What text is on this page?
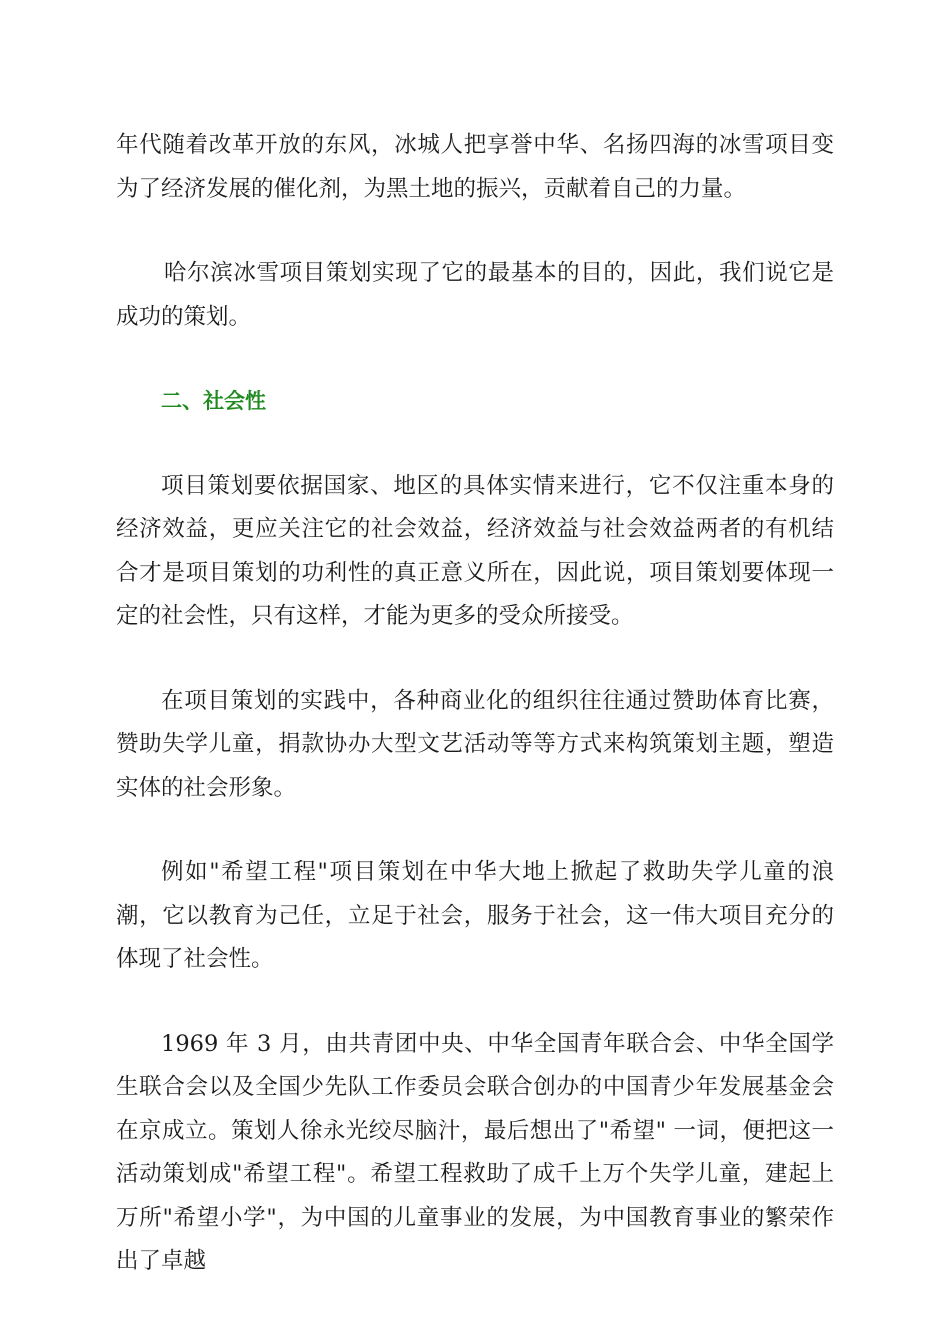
年代随着改革开放的东风，冰城人把享誉中华、名扬四海的冰雪项目变为了经济发展的催化剂，为黑土地的振兴，贡献着自己的力量。

哈尔滨冰雪项目策划实现了它的最基本的目的，因此，我们说它是成功的策划。

二、社会性

项目策划要依据国家、地区的具体实情来进行，它不仅注重本身的经济效益，更应关注它的社会效益，经济效益与社会效益两者的有机结合才是项目策划的功利性的真正意义所在，因此说，项目策划要体现一定的社会性，只有这样，才能为更多的受众所接受。

在项目策划的实践中，各种商业化的组织往往通过赞助体育比赛，赞助失学儿童，捐款协办大型文艺活动等等方式来构筑策划主题，塑造实体的社会形象。

例如"希望工程"项目策划在中华大地上掀起了救助失学儿童的浪潮，它以教育为己任，立足于社会，服务于社会，这一伟大项目充分的体现了社会性。

1969 年 3 月，由共青团中央、中华全国青年联合会、中华全国学生联合会以及全国少先队工作委员会联合创办的中国青少年发展基金会在京成立。策划人徐永光绞尽脑汁，最后想出了"希望" 一词，便把这一活动策划成"希望工程"。希望工程救助了成千上万个失学儿童，建起上万所"希望小学"，为中国的儿童事业的发展，为中国教育事业的繁荣作出了卓越
